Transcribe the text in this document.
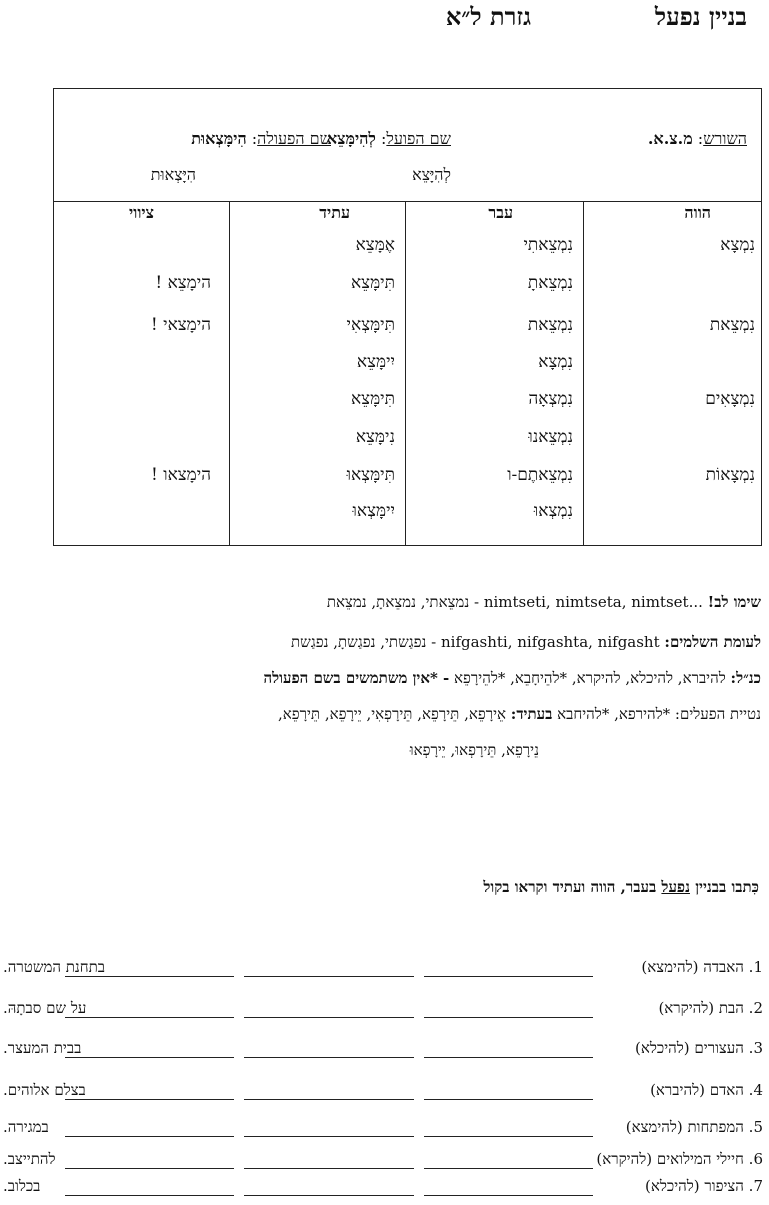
בניין נפעל
גזרת ל״א
השורש: מ.צ.א.
שם הפועל: לְהִימָּצֵא
לְהִיָּצֵא
שם הפעולה: הִימָּצְאוּת
הִיָּצְאוּת
הווה
נִמְצָא
נִמְצֵאת
נִמְצָאִים
נִמְצָאוֹת
עבר
נִמְצֵאתִי
נִמְצֵאתָ
נִמְצֵאת
נִמְצָא
נִמְצְאָה
נִמְצֵאנוּ
נִמְצֵאתֶם-ו
נִמְצְאוּ
עתיד
אֶמָּצֵא
תִּימָּצֵא
תִּימָּצְאִי
יִימָּצֵא
תִּימָּצֵא
נִימָּצֵא
תִּימָּצְאוּ
יִימָּצְאוּ
ציווי
הימָצֵא !
הימָצאי !
הימָצאו !
שימו לב! ...nimtseti, nimtseta, nimtset - נמצֵאתי, נמצֵאתָ, נמצֵאת
לעומת השלמים: nifgashti, nifgashta, nifgasht - נפגַשתי, נפגַשתָ, נפגַשת
כנ״ל: להיברא, להיכלא, להיקרא, *להֵיחָבֵא, *להֵירָפֵא - *אין משתמשים בשם הפעולה
נטיית הפעלים: *להירפא, *להיחבא בעתיד: אֵירָפֵא, תֵּירָפֵא, תֵּירָפְאִי, יֵירָפֵא, תֵּירָפֵא,
נֵירָפֵא, תֵּירָפְאוּ, יֵירָפְאוּ
כִּתבו בבניין נפעל בעבר, הווה ועתיד וקראו בקול
1. האבדה (להימצא)
בתחנת המשטרה.
2. הבת (להיקרא)
על שם סבתָהּ.
3. העצורים (להיכלא)
בבית המעצר.
4. האדם (להיברא)
בצלם אלוהים.
5. המפתחות (להימצא)
במגירה.
6. חיילי המילואים (להיקרא)
להתייצב.
7. הציפור (להיכלא)
בכלוב.
